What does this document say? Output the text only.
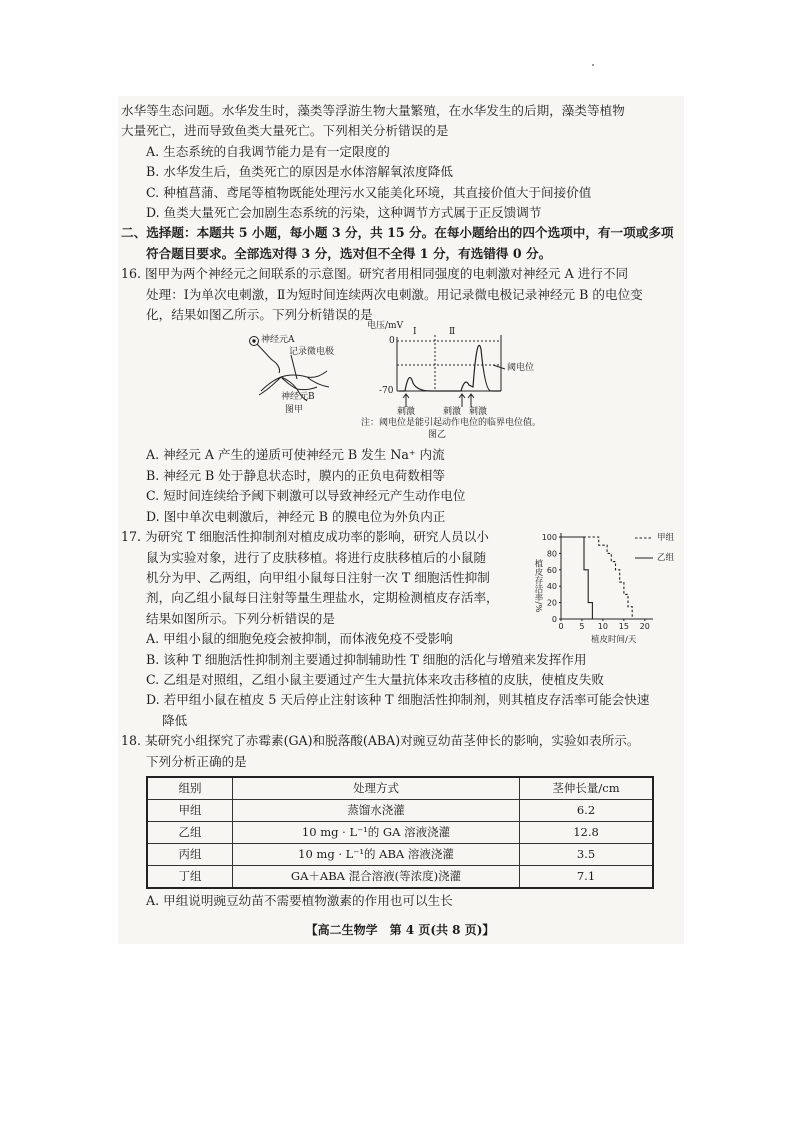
水华等生态问题。水华发生时，藻类等浮游生物大量繁殖，在水华发生的后期，藻类等植物
大量死亡，进而导致鱼类大量死亡。下列相关分析错误的是
A. 生态系统的自我调节能力是有一定限度的
B. 水华发生后，鱼类死亡的原因是水体溶解氧浓度降低
C. 种植菖蒲、鸢尾等植物既能处理污水又能美化环境，其直接价值大于间接价值
D. 鱼类大量死亡会加剧生态系统的污染，这种调节方式属于正反馈调节
二、选择题：本题共 5 小题，每小题 3 分，共 15 分。在每小题给出的四个选项中，有一项或多项
符合题目要求。全部选对得 3 分，选对但不全得 1 分，有选错得 0 分。
16. 图甲为两个神经元之间联系的示意图。研究者用相同强度的电刺激对神经元 A 进行不同
处理：Ⅰ为单次电刺激，Ⅱ为短时间连续两次电刺激。用记录微电极记录神经元 B 的电位变
化，结果如图乙所示。下列分析错误的是
神经元A
记录微电极
神经元B
图甲
电压/mV
0
-70
Ⅰ	Ⅱ
阈电位
刺激	刺激 刺激
注：阈电位是能引起动作电位的临界电位值。
图乙
A. 神经元 A 产生的递质可使神经元 B 发生 Na⁺ 内流
B. 神经元 B 处于静息状态时，膜内的正负电荷数相等
C. 短时间连续给予阈下刺激可以导致神经元产生动作电位
D. 图中单次电刺激后，神经元 B 的膜电位为外负内正
17. 为研究 T 细胞活性抑制剂对植皮成功率的影响，研究人员以小
鼠为实验对象，进行了皮肤移植。将进行皮肤移植后的小鼠随
机分为甲、乙两组，向甲组小鼠每日注射一次 T 细胞活性抑制
剂，向乙组小鼠每日注射等量生理盐水，定期检测植皮存活率，
结果如图所示。下列分析错误的是	0
20
40
60
80
100
0 5 10 15 20
植皮存活率/%
植皮时间/天
甲组
乙组
A. 甲组小鼠的细胞免疫会被抑制，而体液免疫不受影响
B. 该种 T 细胞活性抑制剂主要通过抑制辅助性 T 细胞的活化与增殖来发挥作用
C. 乙组是对照组，乙组小鼠主要通过产生大量抗体来攻击移植的皮肤，使植皮失败
D. 若甲组小鼠在植皮 5 天后停止注射该种 T 细胞活性抑制剂，则其植皮存活率可能会快速
降低
18. 某研究小组探究了赤霉素(GA)和脱落酸(ABA)对豌豆幼苗茎伸长的影响，实验如表所示。
下列分析正确的是
组别	处理方式	茎伸长量/cm
甲组	蒸馏水浇灌	6.2
乙组	10 mg · L⁻¹的 GA 溶液浇灌	12.8
丙组	10 mg · L⁻¹的 ABA 溶液浇灌	3.5
丁组	GA＋ABA 混合溶液(等浓度)浇灌	7.1
A. 甲组说明豌豆幼苗不需要植物激素的作用也可以生长
【高二生物学　第 4 页(共 8 页)】
